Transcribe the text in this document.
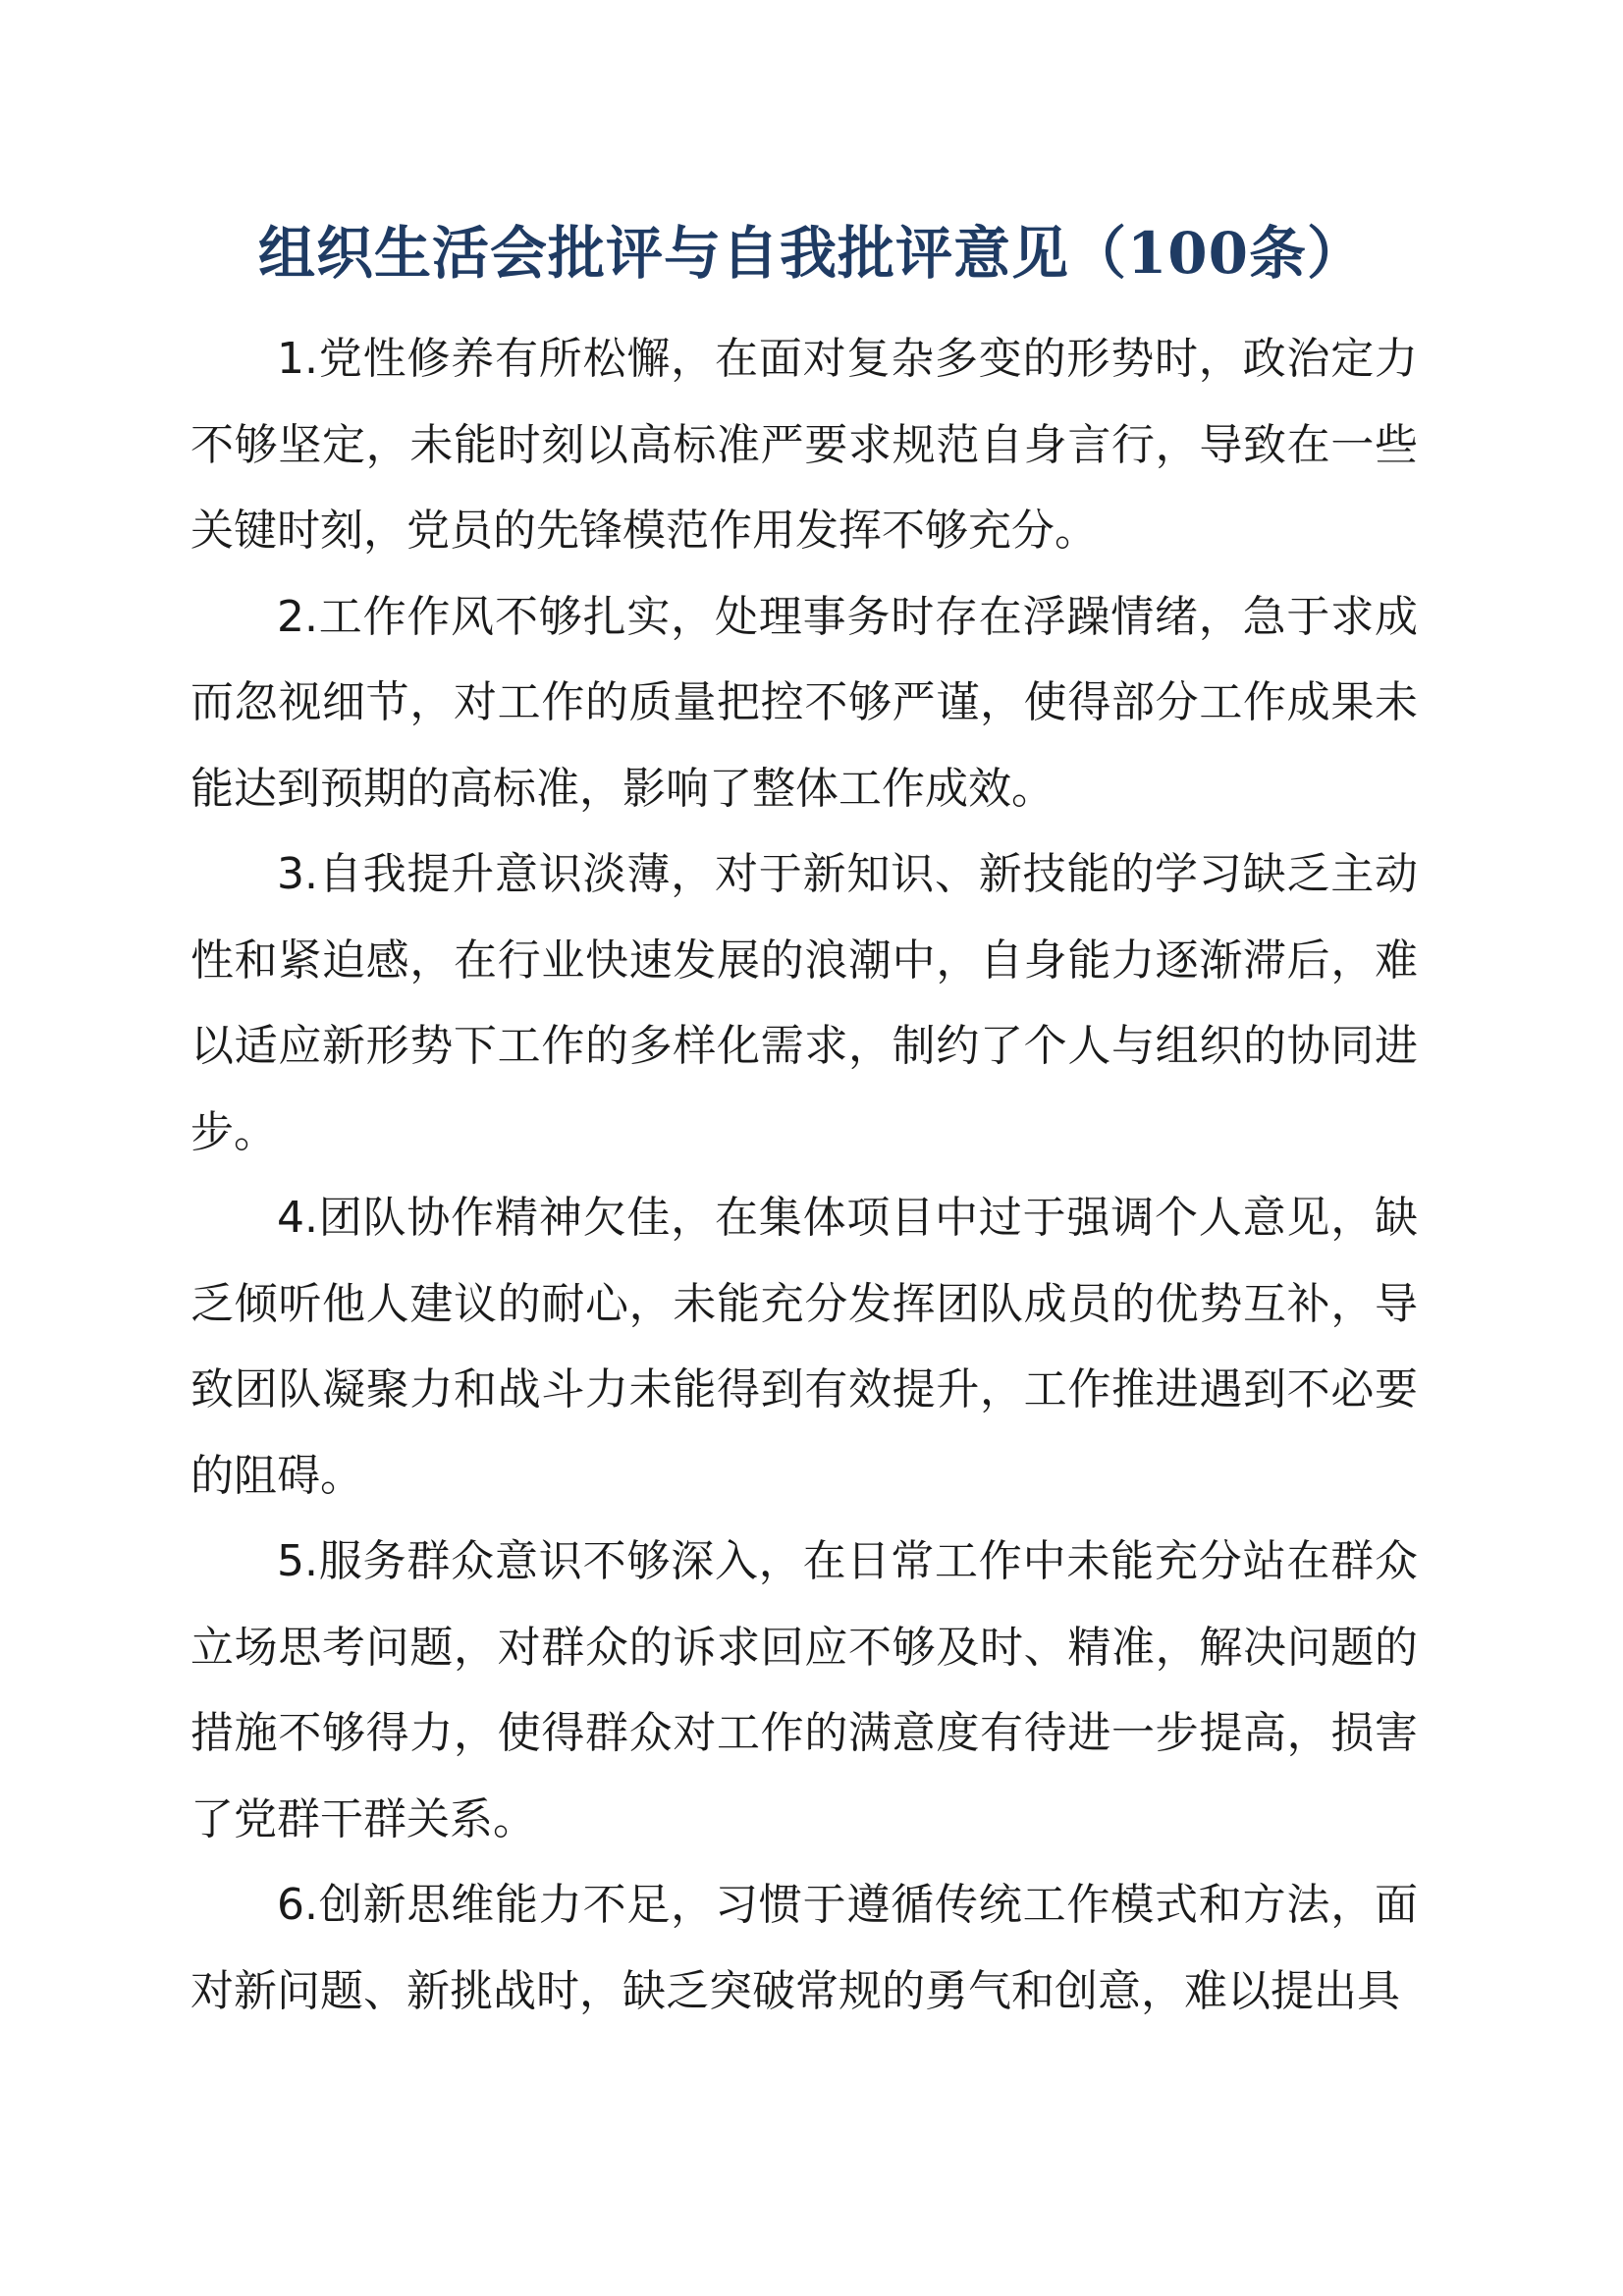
组织生活会批评与自我批评意见（100条）

1.党性修养有所松懈，在面对复杂多变的形势时，政治定力不够坚定，未能时刻以高标准严要求规范自身言行，导致在一些关键时刻，党员的先锋模范作用发挥不够充分。

2.工作作风不够扎实，处理事务时存在浮躁情绪，急于求成而忽视细节，对工作的质量把控不够严谨，使得部分工作成果未能达到预期的高标准，影响了整体工作成效。

3.自我提升意识淡薄，对于新知识、新技能的学习缺乏主动性和紧迫感，在行业快速发展的浪潮中，自身能力逐渐滞后，难以适应新形势下工作的多样化需求，制约了个人与组织的协同进步。

4.团队协作精神欠佳，在集体项目中过于强调个人意见，缺乏倾听他人建议的耐心，未能充分发挥团队成员的优势互补，导致团队凝聚力和战斗力未能得到有效提升，工作推进遇到不必要的阻碍。

5.服务群众意识不够深入，在日常工作中未能充分站在群众立场思考问题，对群众的诉求回应不够及时、精准，解决问题的措施不够得力，使得群众对工作的满意度有待进一步提高，损害了党群干群关系。

6.创新思维能力不足，习惯于遵循传统工作模式和方法，面对新问题、新挑战时，缺乏突破常规的勇气和创意，难以提出具
